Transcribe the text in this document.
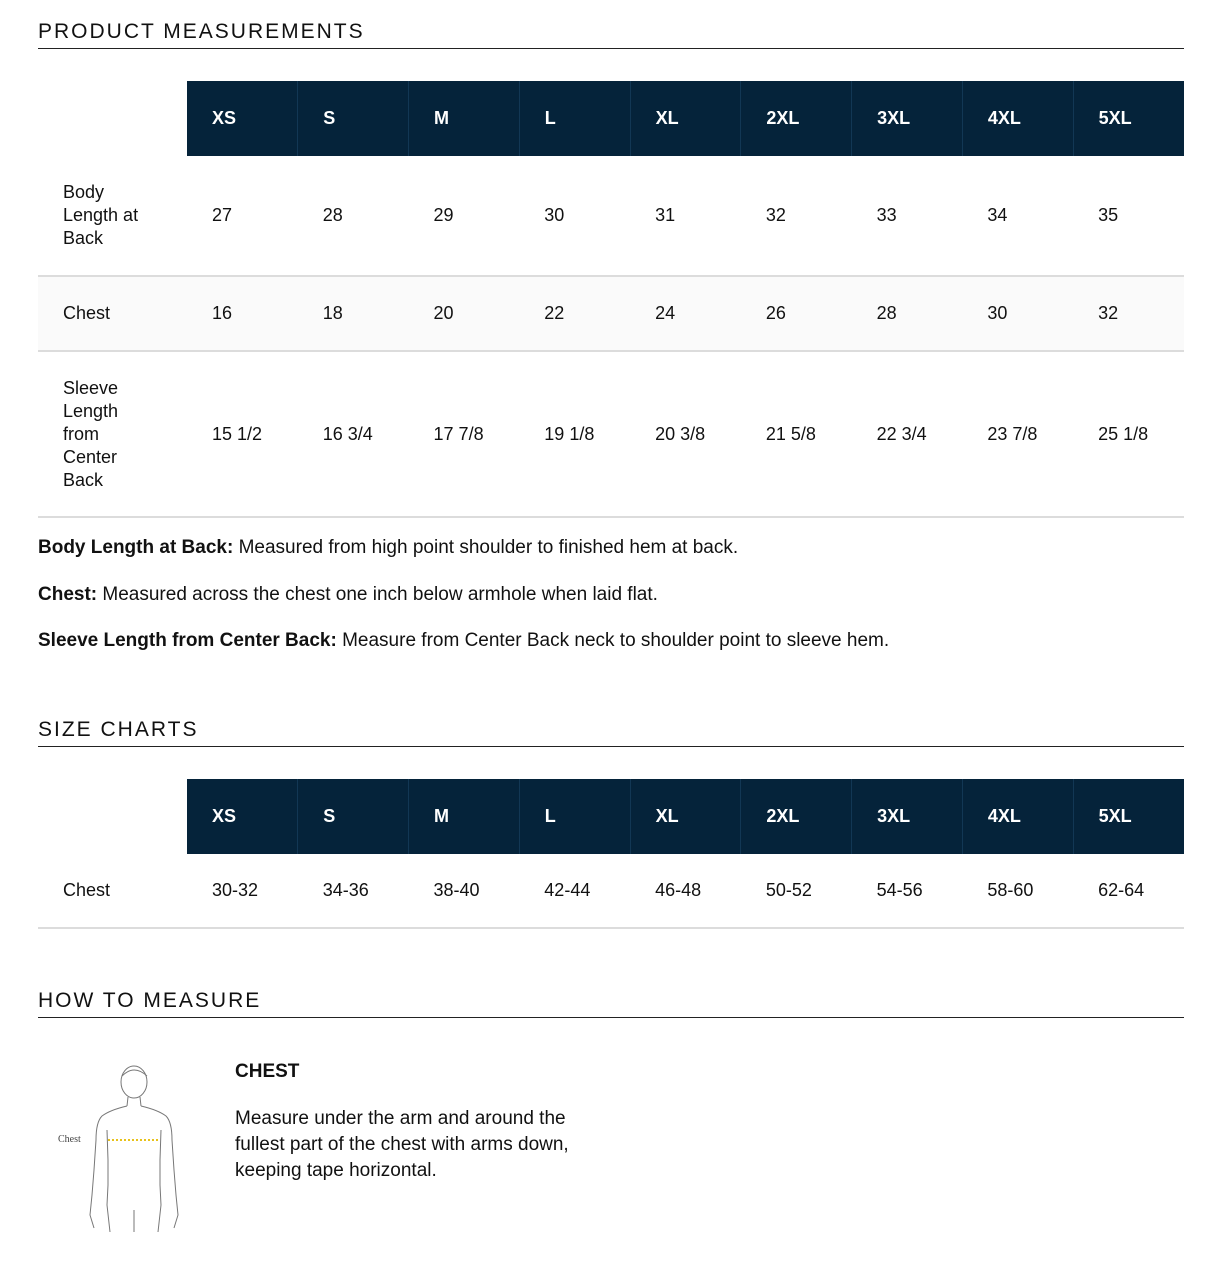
PRODUCT MEASUREMENTS
	XS	S	M	L	XL	2XL	3XL	4XL	5XL
Body Length at Back	27	28	29	30	31	32	33	34	35
Chest	16	18	20	22	24	26	28	30	32
Sleeve Length from Center Back	15 1/2	16 3/4	17 7/8	19 1/8	20 3/8	21 5/8	22 3/4	23 7/8	25 1/8
Body Length at Back: Measured from high point shoulder to finished hem at back.
Chest: Measured across the chest one inch below armhole when laid flat.
Sleeve Length from Center Back: Measure from Center Back neck to shoulder point to sleeve hem.
SIZE CHARTS
	XS	S	M	L	XL	2XL	3XL	4XL	5XL
Chest	30-32	34-36	38-40	42-44	46-48	50-52	54-56	58-60	62-64
HOW TO MEASURE
Chest
CHEST
Measure under the arm and around the fullest part of the chest with arms down, keeping tape horizontal.
